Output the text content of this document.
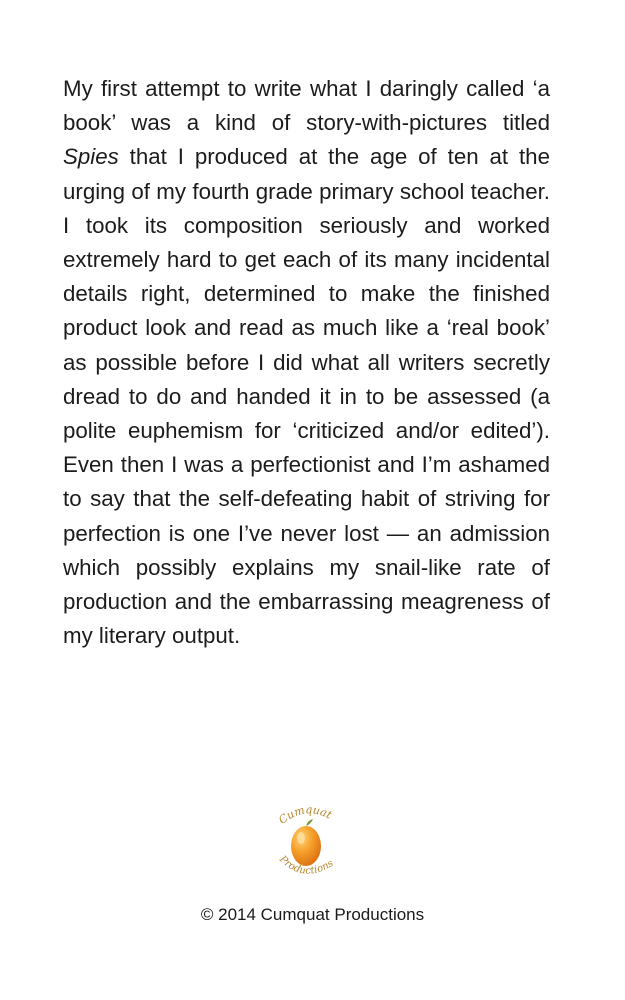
My first attempt to write what I daringly called ‘a book’ was a kind of story-with-pictures titled Spies that I produced at the age of ten at the urging of my fourth grade primary school teacher. I took its composition seriously and worked extremely hard to get each of its many incidental details right, determined to make the finished product look and read as much like a ‘real book’ as possible before I did what all writers secretly dread to do and handed it in to be assessed (a polite euphemism for ‘criticized and/or edited’). Even then I was a perfectionist and I’m ashamed to say that the self-defeating habit of striving for perfection is one I’ve never lost — an admission which possibly explains my snail-like rate of production and the embarrassing meagreness of my literary output.

Cumquat
Productions
© 2014 Cumquat Productions
